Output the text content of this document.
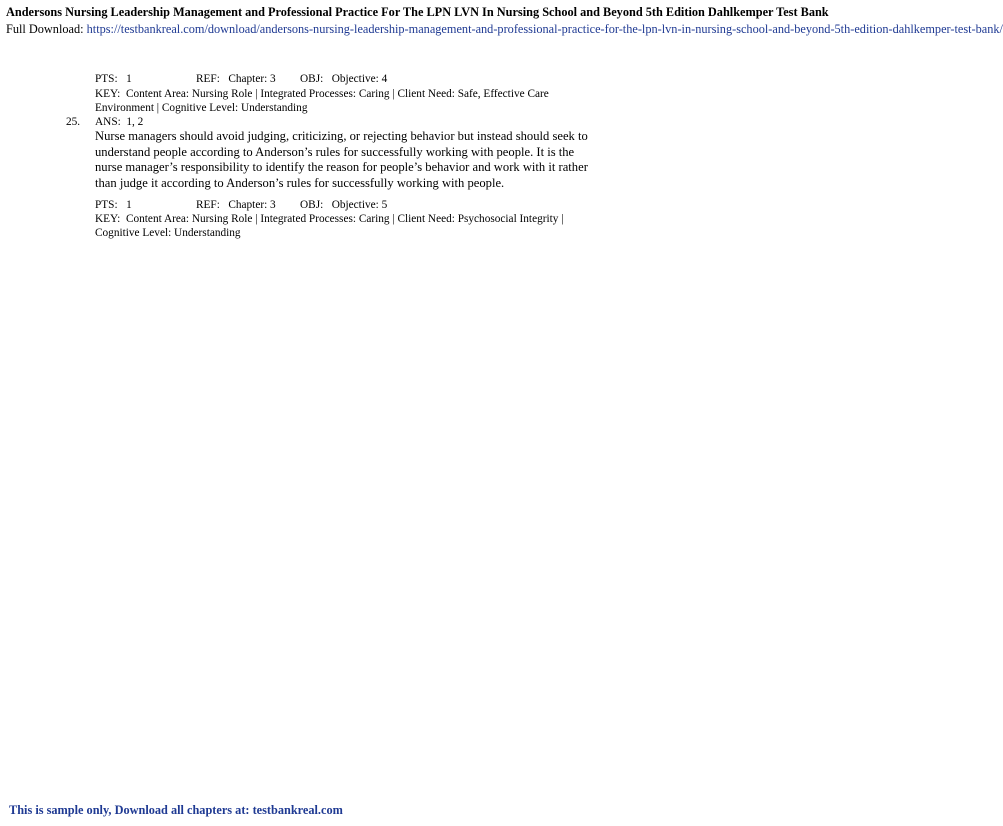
Andersons Nursing Leadership Management and Professional Practice For The LPN LVN In Nursing School and Beyond 5th Edition Dahlkemper Test Bank
Full Download: https://testbankreal.com/download/andersons-nursing-leadership-management-and-professional-practice-for-the-lpn-lvn-in-nursing-school-and-beyond-5th-edition-dahlkemper-test-bank/
PTS:   1	REF:   Chapter: 3 OBJ:   Objective: 4
KEY:  Content Area: Nursing Role | Integrated Processes: Caring | Client Need: Safe, Effective Care
Environment | Cognitive Level: Understanding
25. ANS:  1, 2
Nurse managers should avoid judging, criticizing, or rejecting behavior but instead should seek to
understand people according to Anderson’s rules for successfully working with people. It is the
nurse manager’s responsibility to identify the reason for people’s behavior and work with it rather
than judge it according to Anderson’s rules for successfully working with people.
PTS:   1	REF:   Chapter: 3 OBJ:   Objective: 5
KEY:  Content Area: Nursing Role | Integrated Processes: Caring | Client Need: Psychosocial Integrity |
Cognitive Level: Understanding
This is sample only, Download all chapters at: testbankreal.com
